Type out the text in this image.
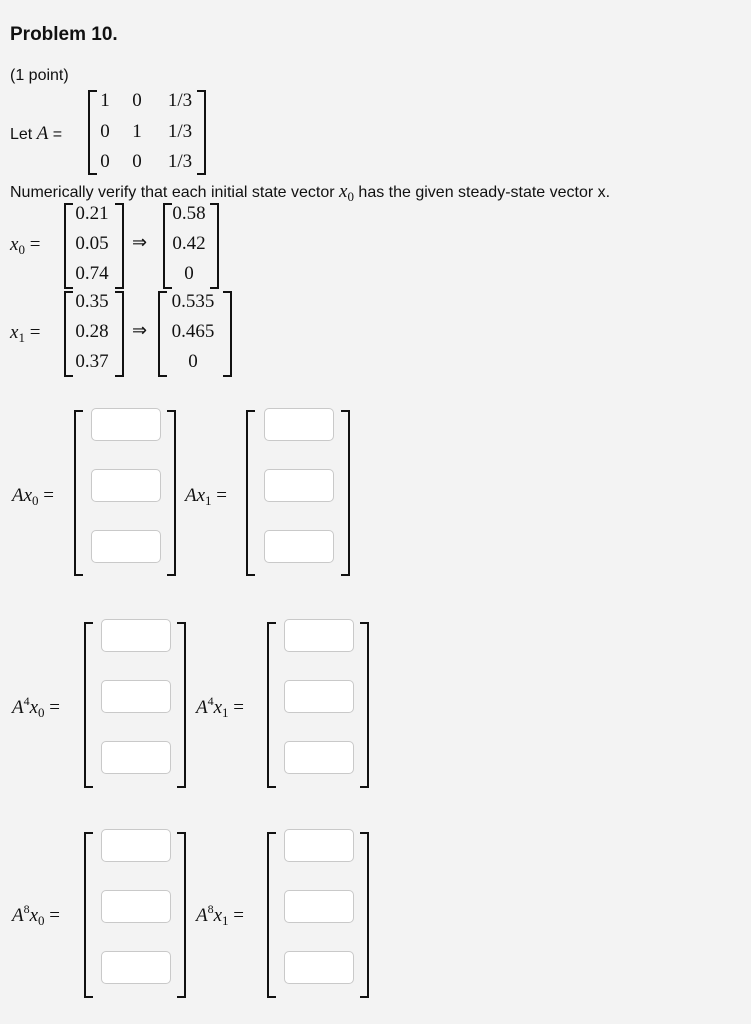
Problem 10.
(1 point)
Let A =
1	0	1/3
0	1	1/3
0	0	1/3
Numerically verify that each initial state vector $x_0$ has the given steady-state vector x.
$x_0$ =
0.21
0.05
0.74
⇒
0.58
0.42
0
$x_1$ =
0.35
0.28
0.37
⇒
0.535
0.465
0
$Ax_0$ =	$Ax_1$ =
$A^4x_0$ =	$A^4x_1$ =
$A^8x_0$ =	$A^8x_1$ =
